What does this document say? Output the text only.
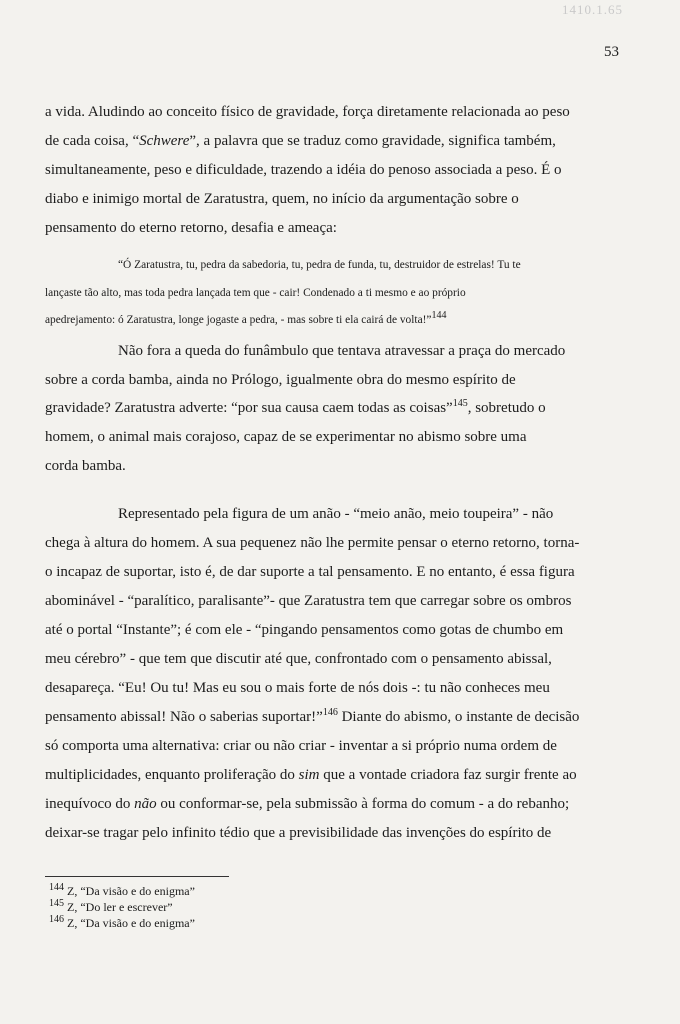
1410.1.65
53
a vida. Aludindo ao conceito físico de gravidade, força diretamente relacionada ao peso
de cada coisa, “Schwere”, a palavra que se traduz como gravidade, significa também,
simultaneamente, peso e dificuldade, trazendo a idéia do penoso associada a peso. É o
diabo e inimigo mortal de Zaratustra, quem, no início da argumentação sobre o
pensamento do eterno retorno, desafia e ameaça:
“Ó Zaratustra, tu, pedra da sabedoria, tu, pedra de funda, tu, destruidor de estrelas! Tu te
lançaste tão alto, mas toda pedra lançada tem que - cair! Condenado a ti mesmo e ao próprio
apedrejamento: ó Zaratustra, longe jogaste a pedra, - mas sobre ti ela cairá de volta!”144
Não fora a queda do funâmbulo que tentava atravessar a praça do mercado
sobre a corda bamba, ainda no Prólogo, igualmente obra do mesmo espírito de
gravidade? Zaratustra adverte: “por sua causa caem todas as coisas”$^{145}$, sobretudo o
homem, o animal mais corajoso, capaz de se experimentar no abismo sobre uma
corda bamba.
Representado pela figura de um anão - “meio anão, meio toupeira” - não
chega à altura do homem. A sua pequenez não lhe permite pensar o eterno retorno, torna-
o incapaz de suportar, isto é, de dar suporte a tal pensamento. E no entanto, é essa figura
abominável - “paralítico, paralisante”- que Zaratustra tem que carregar sobre os ombros
até o portal “Instante”; é com ele - “pingando pensamentos como gotas de chumbo em
meu cérebro” - que tem que discutir até que, confrontado com o pensamento abissal,
desapareça. “Eu! Ou tu! Mas eu sou o mais forte de nós dois -: tu não conheces meu
pensamento abissal! Não o saberias suportar!”$^{146}$ Diante do abismo, o instante de decisão
só comporta uma alternativa: criar ou não criar - inventar a si próprio numa ordem de
multiplicidades, enquanto proliferação do sim que a vontade criadora faz surgir frente ao
inequívoco do não ou conformar-se, pela submissão à forma do comum - a do rebanho;
deixar-se tragar pelo infinito tédio que a previsibilidade das invenções do espírito de
$^{144}$ Z, “Da visão e do enigma”
$^{145}$ Z, “Do ler e escrever”
$^{146}$ Z, “Da visão e do enigma”
